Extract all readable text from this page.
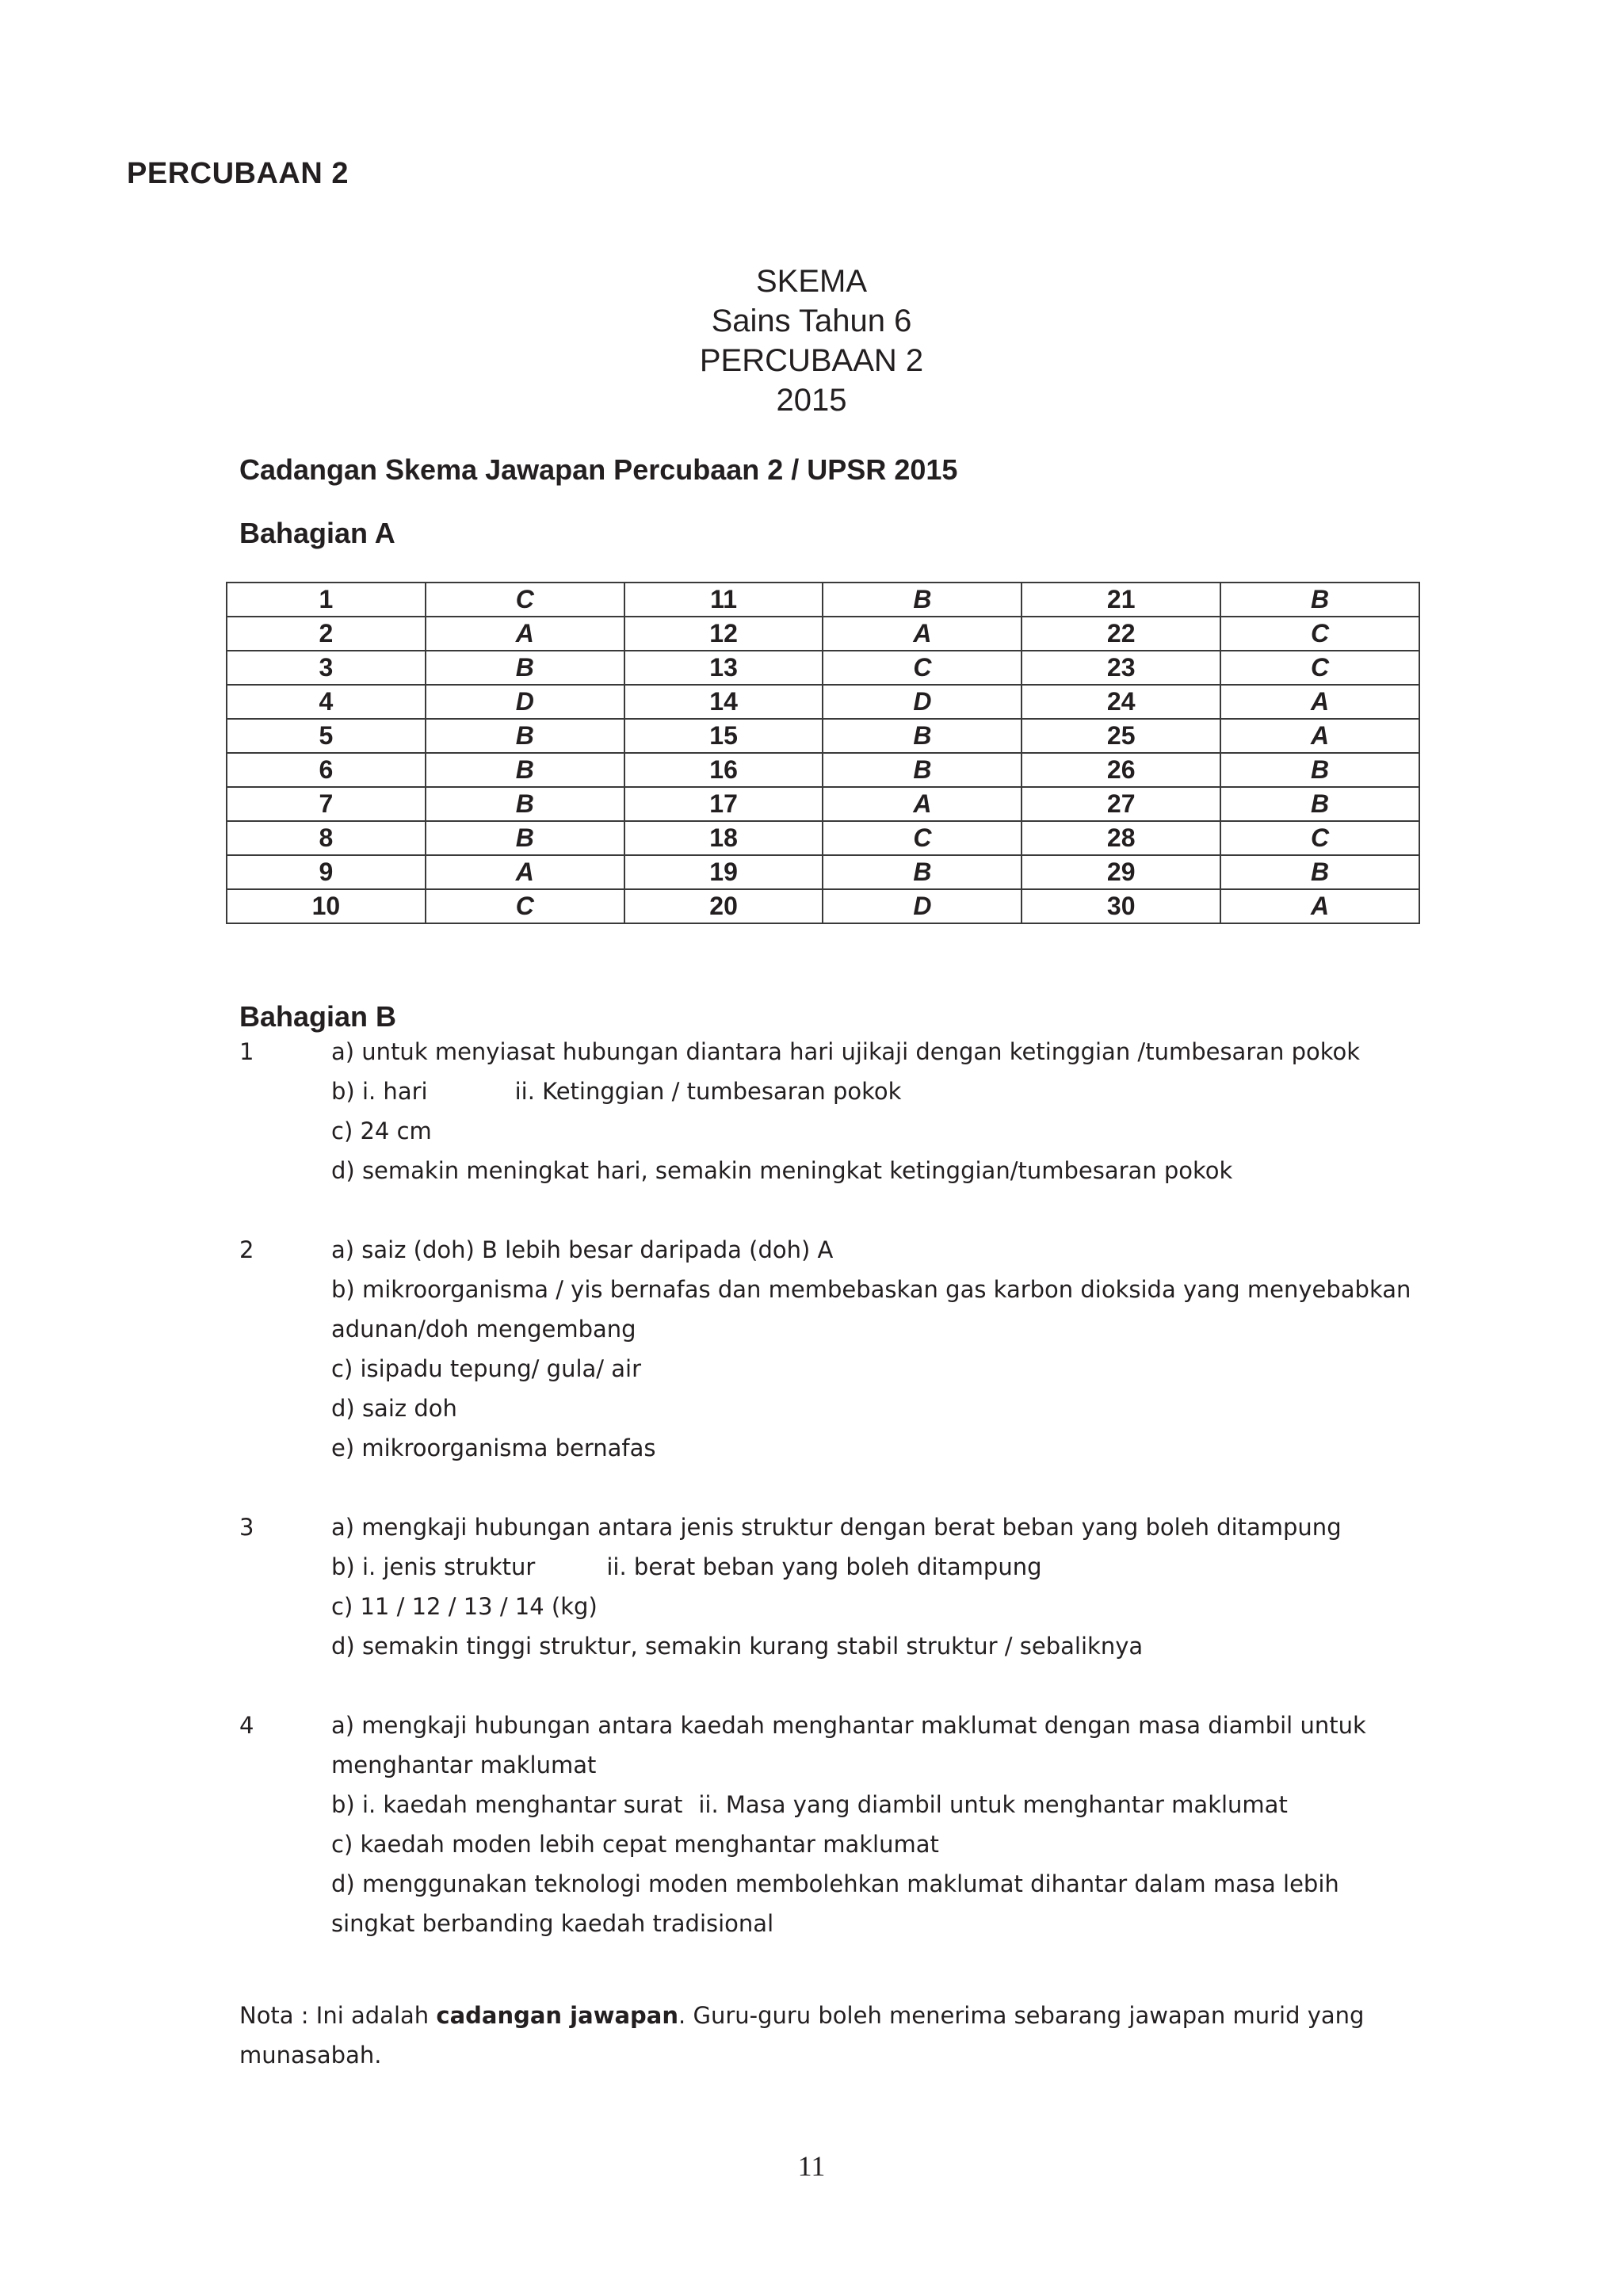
PERCUBAAN 2
SKEMA
Sains Tahun 6
PERCUBAAN 2
2015
Cadangan Skema Jawapan Percubaan 2 / UPSR 2015
Bahagian A
1	C	11	B	21	B
2	A	12	A	22	C
3	B	13	C	23	C
4	D	14	D	24	A
5	B	15	B	25	A
6	B	16	B	26	B
7	B	17	A	27	B
8	B	18	C	28	C
9	A	19	B	29	B
10	C	20	D	30	A
Bahagian B
1	a) untuk menyiasat hubungan diantara hari ujikaji dengan ketinggian /tumbesaran pokok
b) i. hari	ii. Ketinggian / tumbesaran pokok
c) 24 cm
d) semakin meningkat hari, semakin meningkat ketinggian/tumbesaran pokok
2	a) saiz (doh) B lebih besar daripada (doh) A
b) mikroorganisma / yis bernafas dan membebaskan gas karbon dioksida yang menyebabkan
adunan/doh mengembang
c) isipadu tepung/ gula/ air
d) saiz doh
e) mikroorganisma bernafas
3	a) mengkaji hubungan antara jenis struktur dengan berat beban yang boleh ditampung
b) i. jenis struktur	ii. berat beban yang boleh ditampung
c) 11 / 12 / 13 / 14 (kg)
d) semakin tinggi struktur, semakin kurang stabil struktur / sebaliknya
4	a) mengkaji hubungan antara kaedah menghantar maklumat dengan masa diambil untuk
menghantar maklumat
b) i. kaedah menghantar surat ii. Masa yang diambil untuk menghantar maklumat
c) kaedah moden lebih cepat menghantar maklumat
d) menggunakan teknologi moden membolehkan maklumat dihantar dalam masa lebih
singkat berbanding kaedah tradisional
Nota : Ini adalah cadangan jawapan. Guru-guru boleh menerima sebarang jawapan murid yang munasabah.
11
